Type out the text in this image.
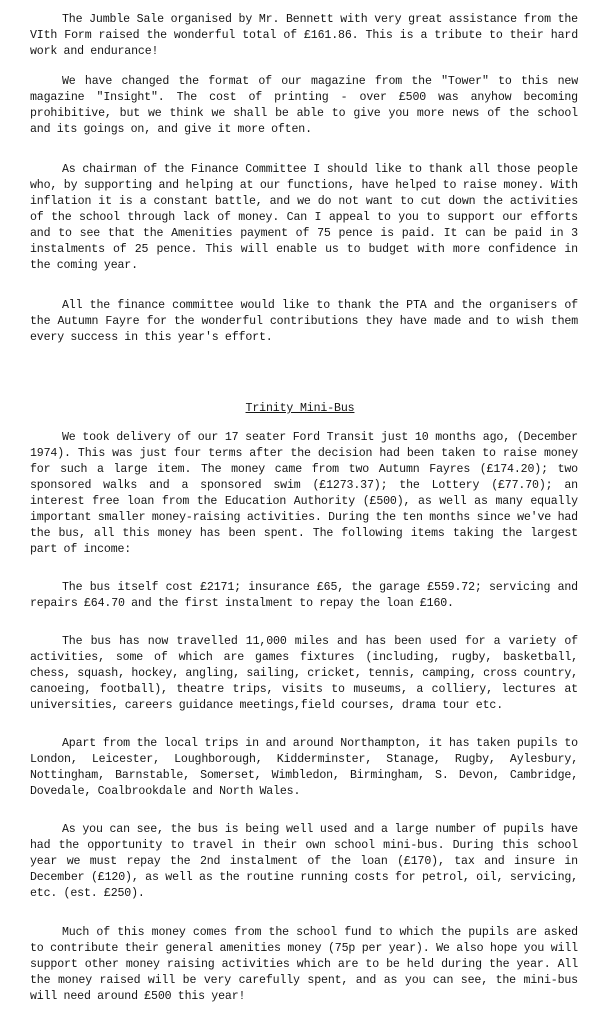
The Jumble Sale organised by Mr. Bennett with very great assistance from the VIth Form raised the wonderful total of £161.86. This is a tribute to their hard work and endurance!

We have changed the format of our magazine from the "Tower" to this new magazine "Insight". The cost of printing - over £500 was anyhow becoming prohibitive, but we think we shall be able to give you more news of the school and its goings on, and give it more often.

As chairman of the Finance Committee I should like to thank all those people who, by supporting and helping at our functions, have helped to raise money. With inflation it is a constant battle, and we do not want to cut down the activities of the school through lack of money. Can I appeal to you to support our efforts and to see that the Amenities payment of 75 pence is paid. It can be paid in 3 instalments of 25 pence. This will enable us to budget with more confidence in the coming year.

All the finance committee would like to thank the PTA and the organisers of the Autumn Fayre for the wonderful contributions they have made and to wish them every success in this year's effort.

Trinity Mini-Bus

We took delivery of our 17 seater Ford Transit just 10 months ago, (December 1974). This was just four terms after the decision had been taken to raise money for such a large item. The money came from two Autumn Fayres (£174.20); two sponsored walks and a sponsored swim (£1273.37); the Lottery (£77.70); an interest free loan from the Education Authority (£500), as well as many equally important smaller money-raising activities. During the ten months since we've had the bus, all this money has been spent. The following items taking the largest part of income:

The bus itself cost £2171; insurance £65, the garage £559.72; servicing and repairs £64.70 and the first instalment to repay the loan £160.

The bus has now travelled 11,000 miles and has been used for a variety of activities, some of which are games fixtures (including, rugby, basketball, chess, squash, hockey, angling, sailing, cricket, tennis, camping, cross country, canoeing, football), theatre trips, visits to museums, a colliery, lectures at universities, careers guidance meetings,field courses, drama tour etc.

Apart from the local trips in and around Northampton, it has taken pupils to London, Leicester, Loughborough, Kidderminster, Stanage, Rugby, Aylesbury, Nottingham, Barnstable, Somerset, Wimbledon, Birmingham, S. Devon, Cambridge, Dovedale, Coalbrookdale and North Wales.

As you can see, the bus is being well used and a large number of pupils have had the opportunity to travel in their own school mini-bus. During this school year we must repay the 2nd instalment of the loan (£170), tax and insure in December (£120), as well as the routine running costs for petrol, oil, servicing, etc. (est. £250).

Much of this money comes from the school fund to which the pupils are asked to contribute their general amenities money (75p per year). We also hope you will support other money raising activities which are to be held during the year. All the money raised will be very carefully spent, and as you can see, the mini-bus will need around £500 this year!
